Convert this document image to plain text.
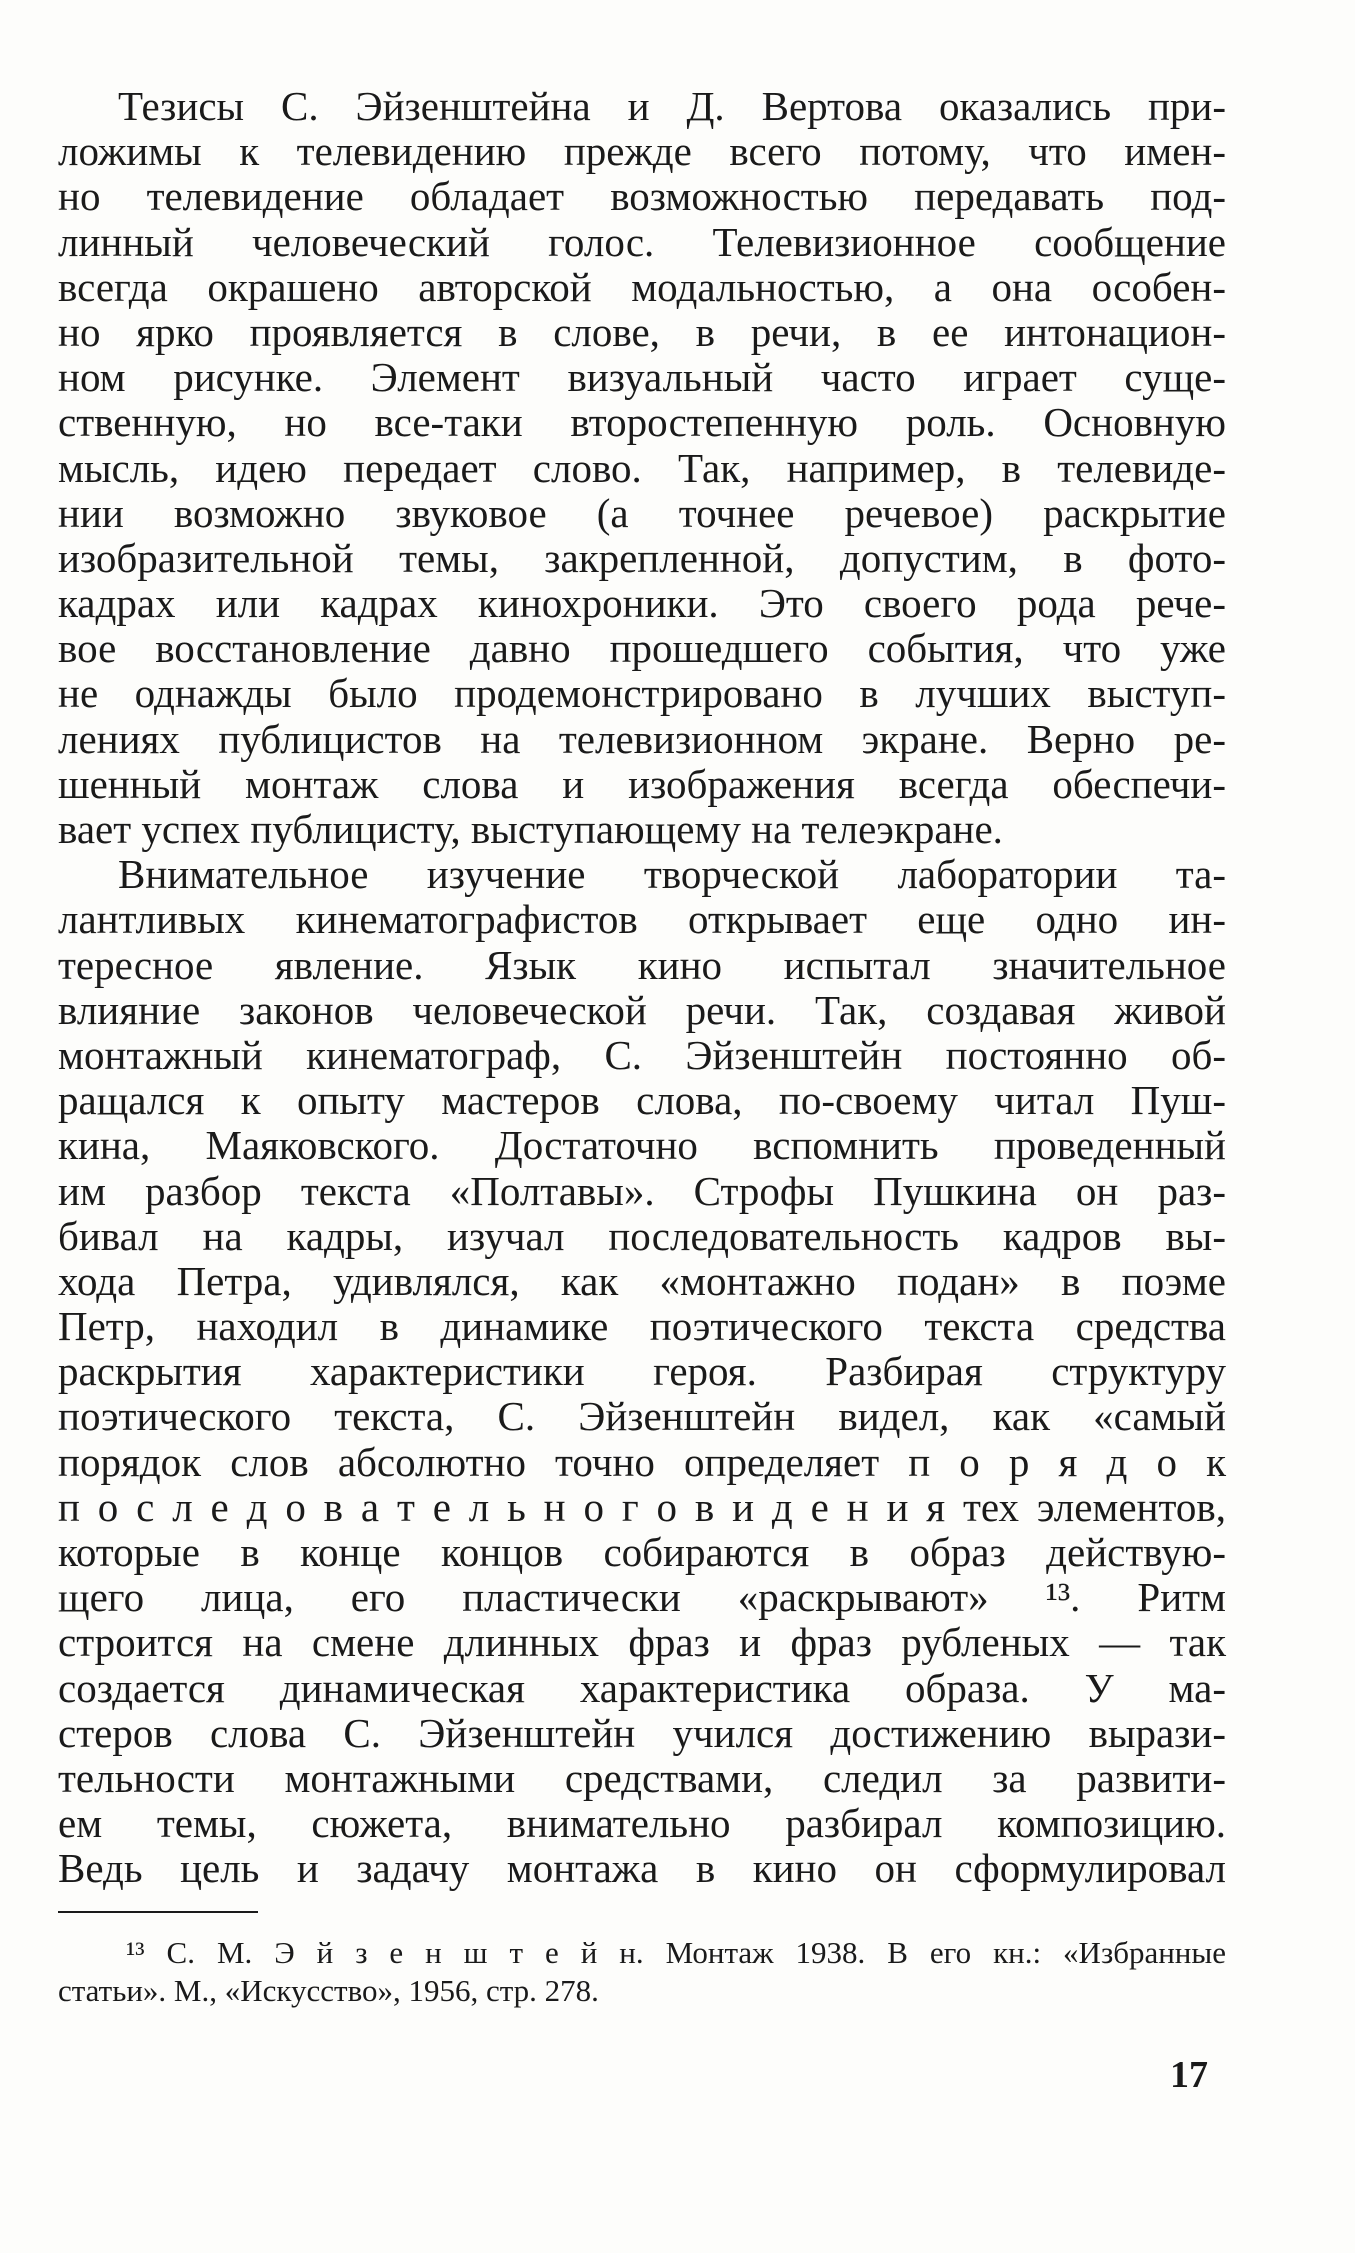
Тезисы С. Эйзенштейна и Д. Вертова оказались при-
ложимы к телевидению прежде всего потому, что имен-
но телевидение обладает возможностью передавать под-
линный человеческий голос. Телевизионное сообщение
всегда окрашено авторской модальностью, а она особен-
но ярко проявляется в слове, в речи, в ее интонацион-
ном рисунке. Элемент визуальный часто играет суще-
ственную, но все-таки второстепенную роль. Основную
мысль, идею передает слово. Так, например, в телевиде-
нии возможно звуковое (а точнее речевое) раскрытие
изобразительной темы, закрепленной, допустим, в фото-
кадрах или кадрах кинохроники. Это своего рода рече-
вое восстановление давно прошедшего события, что уже
не однажды было продемонстрировано в лучших выступ-
лениях публицистов на телевизионном экране. Верно ре-
шенный монтаж слова и изображения всегда обеспечи-
вает успех публицисту, выступающему на телеэкране.
Внимательное изучение творческой лаборатории та-
лантливых кинематографистов открывает еще одно ин-
тересное явление. Язык кино испытал значительное
влияние законов человеческой речи. Так, создавая живой
монтажный кинематограф, С. Эйзенштейн постоянно об-
ращался к опыту мастеров слова, по-своему читал Пуш-
кина, Маяковского. Достаточно вспомнить проведенный
им разбор текста «Полтавы». Строфы Пушкина он раз-
бивал на кадры, изучал последовательность кадров вы-
хода Петра, удивлялся, как «монтажно подан» в поэме
Петр, находил в динамике поэтического текста средства
раскрытия характеристики героя. Разбирая структуру
поэтического текста, С. Эйзенштейн видел, как «самый
порядок слов абсолютно точно определяет п о р я д о к
п о с л е д о в а т е л ь н о г о в и д е н и я тех элементов,
которые в конце концов собираются в образ действую-
щего лица, его пластически «раскрывают» ¹³. Ритм
строится на смене длинных фраз и фраз рубленых — так
создается динамическая характеристика образа. У ма-
стеров слова С. Эйзенштейн учился достижению вырази-
тельности монтажными средствами, следил за развити-
ем темы, сюжета, внимательно разбирал композицию.
Ведь цель и задачу монтажа в кино он сформулировал
¹³ С. М. Э й з е н ш т е й н. Монтаж 1938. В его кн.: «Избранные
статьи». М., «Искусство», 1956, стр. 278.
17
